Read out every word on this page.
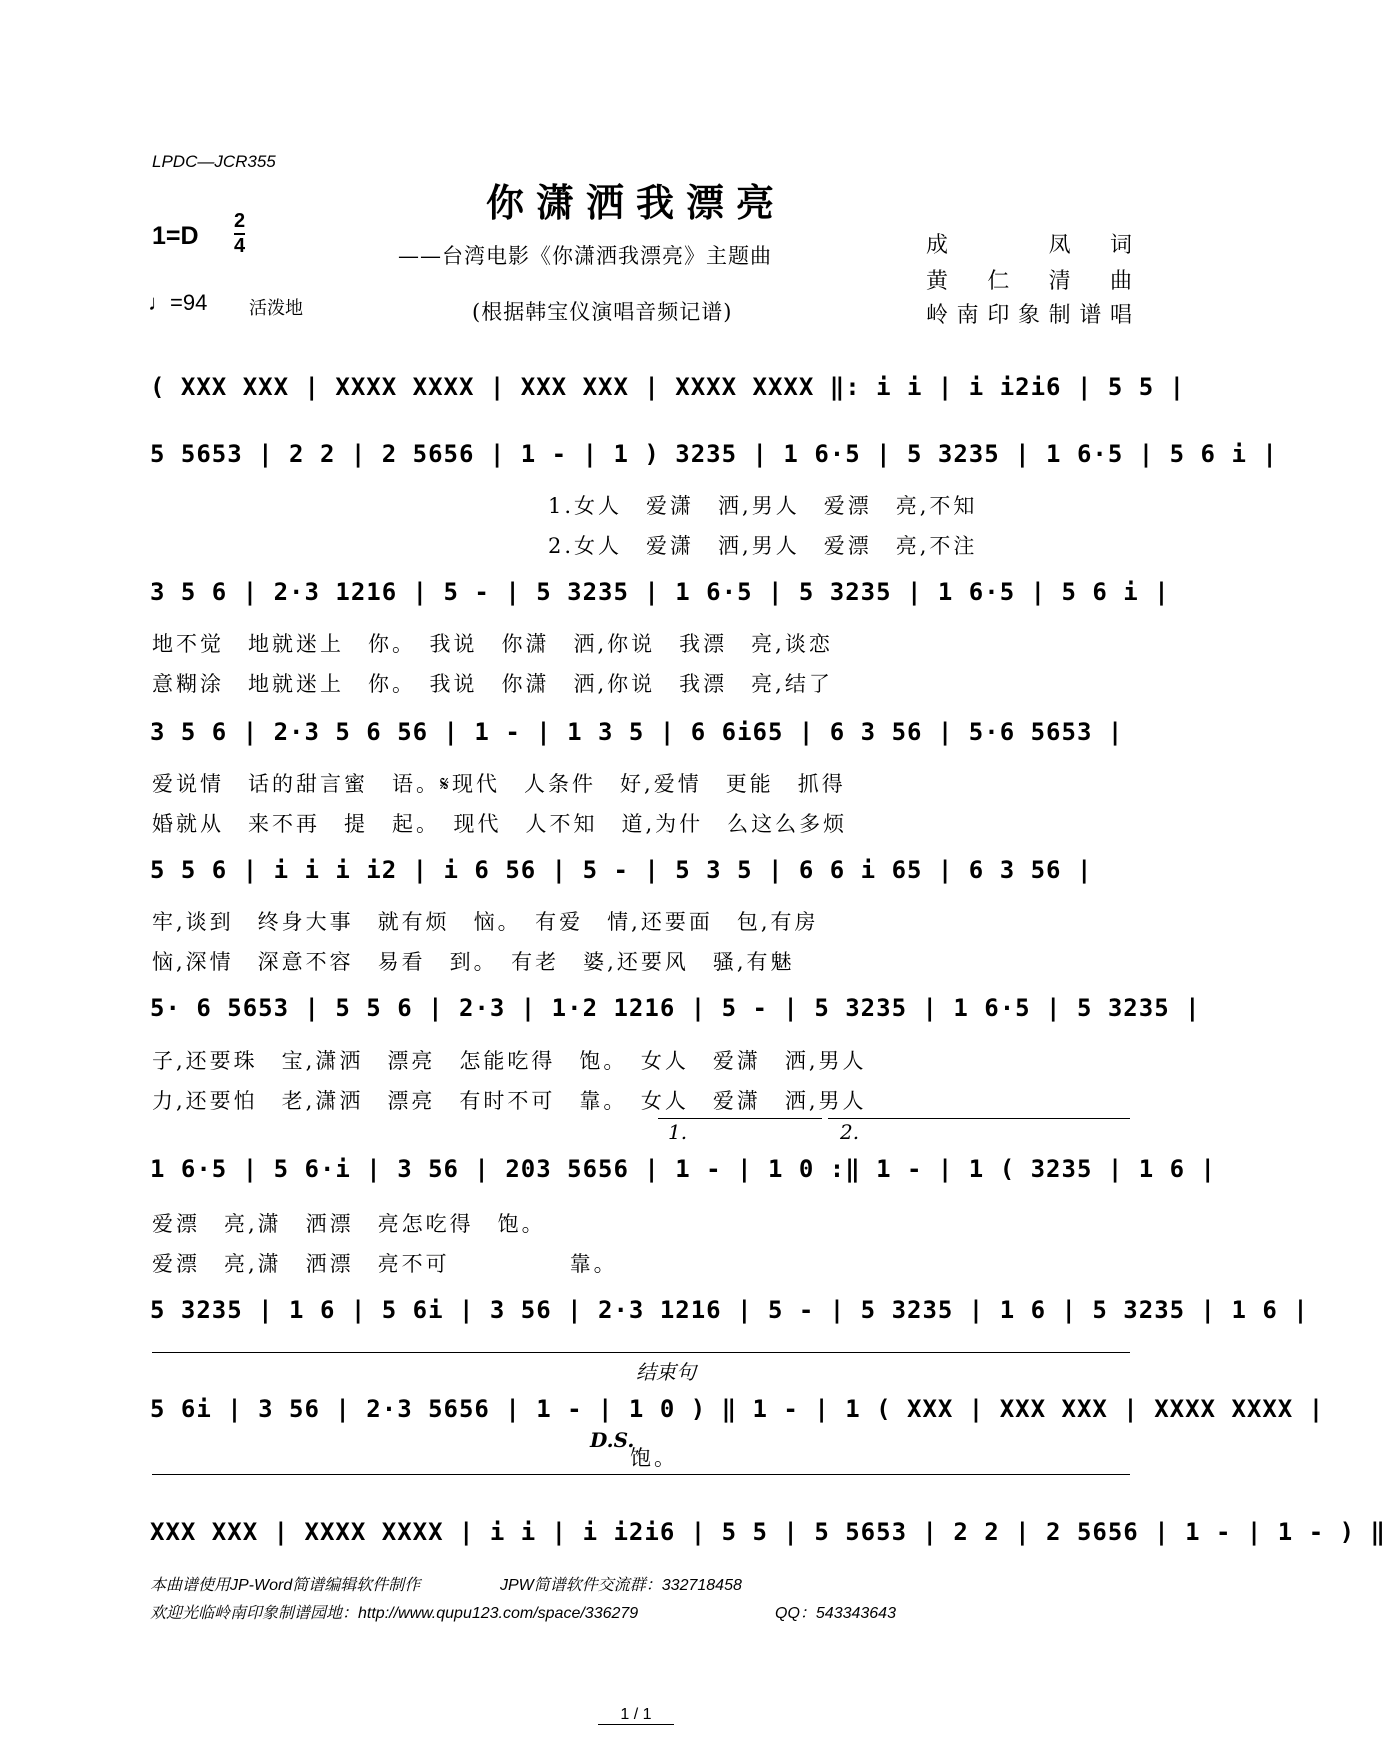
LPDC—JCR355
你潇洒我漂亮
1=D
2
4
♩=94 活泼地
——台湾电影《你潇洒我漂亮》主题曲
(根据韩宝仪演唱音频记谱)
成　凤词
黄仁清曲
岭南印象制谱唱
( XXX XXX | XXXX XXXX | XXX XXX | XXXX XXXX ‖: i i | i i2i6 | 5 5 |
5 5653 | 2 2 | 2 5656 | 1 - | 1 ) 3235 | 1 6·5 | 5 3235 | 1 6·5 | 5 6 i |
1.女人　爱潇　洒,男人　爱漂　亮,不知
2.女人　爱潇　洒,男人　爱漂　亮,不注
3 5 6 | 2·3 1216 | 5 - | 5 3235 | 1 6·5 | 5 3235 | 1 6·5 | 5 6 i |
地不觉　地就迷上　你。　我说　你潇　洒,你说　我漂　亮,谈恋
意糊涂　地就迷上　你。　我说　你潇　洒,你说　我漂　亮,结了
3 5 6 | 2·3 5 6 56 | 1 - | 1 3 5 | 6 6i65 | 6 3 56 | 5·6 5653 |
爱说情　话的甜言蜜　语。𝄋现代　人条件　好,爱情　更能　抓得
婚就从　来不再　提　起。　现代　人不知　道,为什　么这么多烦
5 5 6 | i i i i2 | i 6 56 | 5 - | 5 3 5 | 6 6 i 65 | 6 3 56 |
牢,谈到　终身大事　就有烦　恼。　有爱　情,还要面　包,有房
恼,深情　深意不容　易看　到。　有老　婆,还要风　骚,有魅
5· 6 5653 | 5 5 6 | 2·3 | 1·2 1216 | 5 - | 5 3235 | 1 6·5 | 5 3235 |
子,还要珠　宝,潇洒　漂亮　怎能吃得　饱。　女人　爱潇　洒,男人
力,还要怕　老,潇洒　漂亮　有时不可　靠。　女人　爱潇　洒,男人
1.	2.
1 6·5 | 5 6·i | 3 56 | 203 5656 | 1 - | 1 0 :‖ 1 - | 1 ( 3235 | 1 6 |
爱漂　亮,潇　洒漂　亮怎吃得　饱。
爱漂　亮,潇　洒漂　亮不可　　　　　靠。
5 3235 | 1 6 | 5 6i | 3 56 | 2·3 1216 | 5 - | 5 3235 | 1 6 | 5 3235 | 1 6 |
结束句
5 6i | 3 56 | 2·3 5656 | 1 - | 1 0 ) ‖ 1 - | 1 ( XXX | XXX XXX | XXXX XXXX |
D.S.
饱。
XXX XXX | XXXX XXXX | i i | i i2i6 | 5 5 | 5 5653 | 2 2 | 2 5656 | 1 - | 1 - ) ‖
本曲谱使用JP-Word简谱编辑软件制作	JPW简谱软件交流群：332718458
欢迎光临岭南印象制谱园地：http://www.qupu123.com/space/336279	QQ：543343643
1 / 1
